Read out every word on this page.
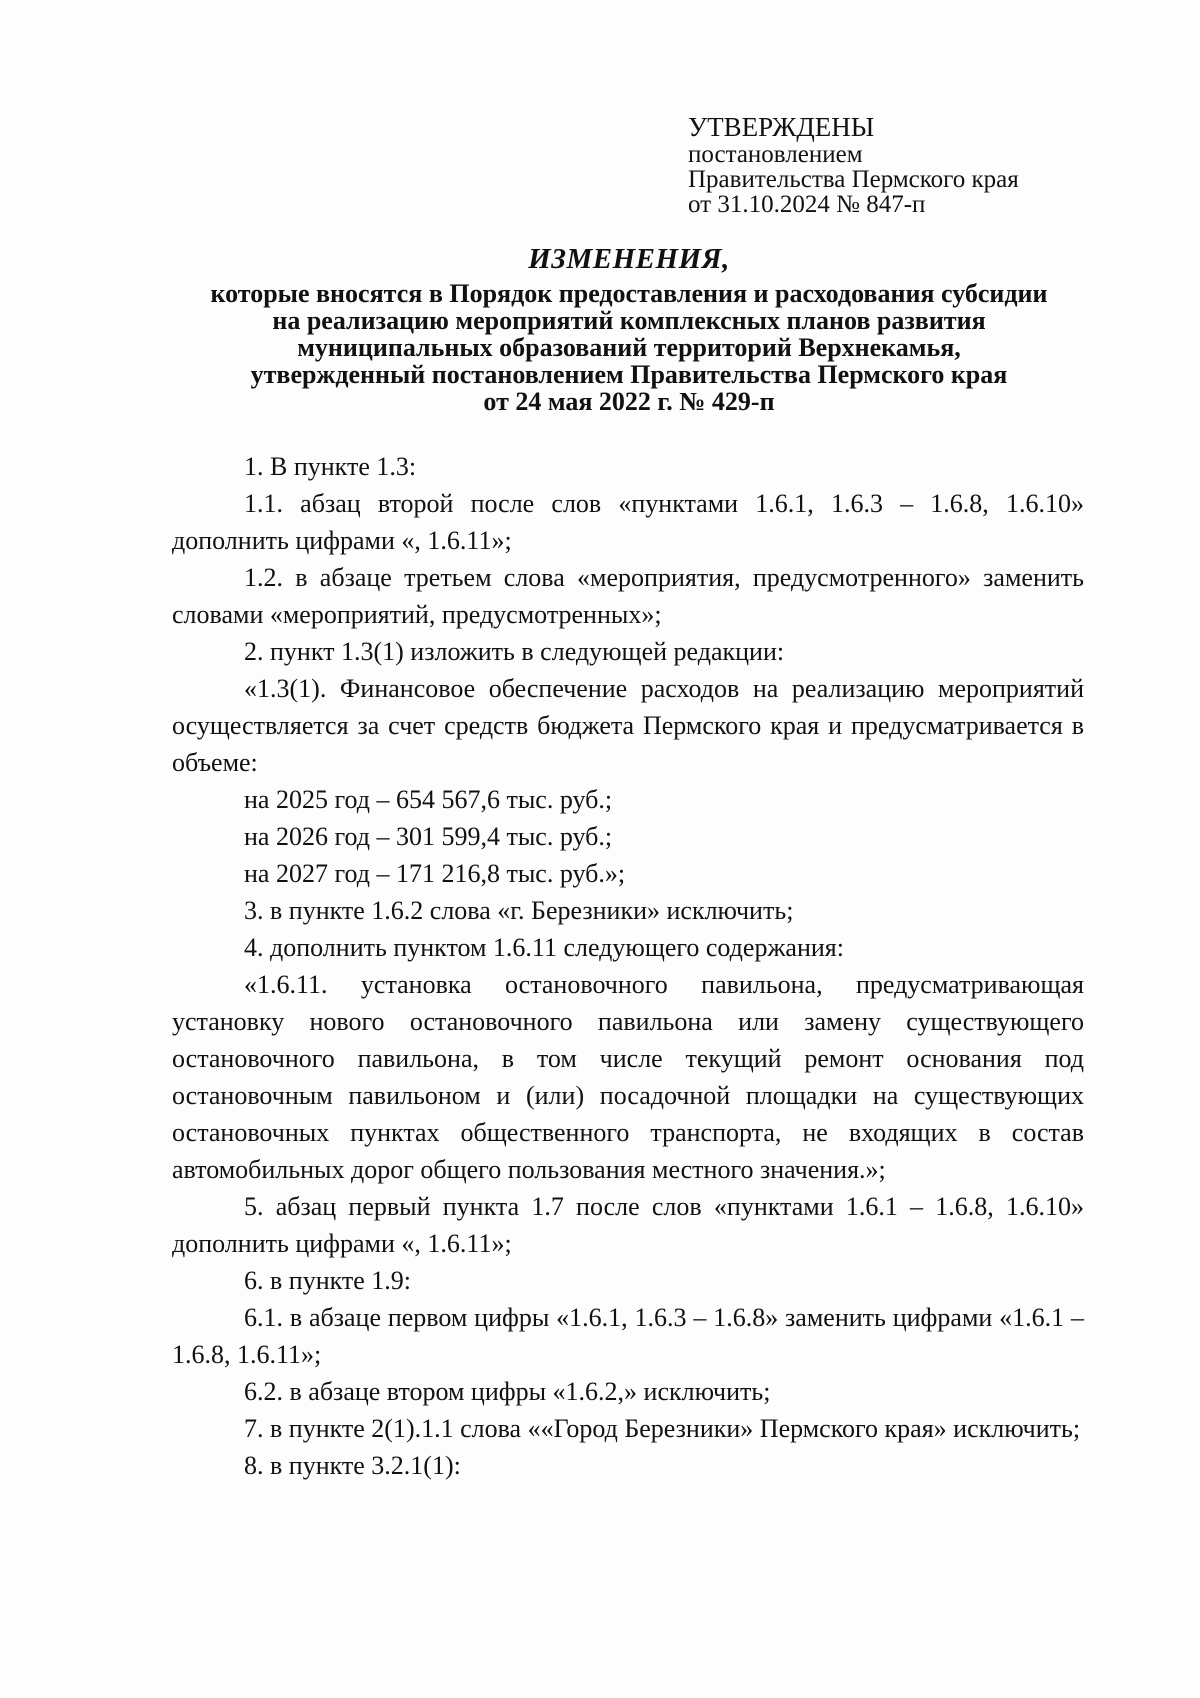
УТВЕРЖДЕНЫ
постановлением
Правительства Пермского края
от 31.10.2024 № 847-п
ИЗМЕНЕНИЯ,
которые вносятся в Порядок предоставления и расходования субсидии
на реализацию мероприятий комплексных планов развития
муниципальных образований территорий Верхнекамья,
утвержденный постановлением Правительства Пермского края
от 24 мая 2022 г. № 429-п

1. В пункте 1.3:

1.1. абзац второй после слов «пунктами 1.6.1, 1.6.3 – 1.6.8, 1.6.10» дополнить цифрами «, 1.6.11»;

1.2. в абзаце третьем слова «мероприятия, предусмотренного» заменить словами «мероприятий, предусмотренных»;

2. пункт 1.3(1) изложить в следующей редакции:

«1.3(1). Финансовое обеспечение расходов на реализацию мероприятий осуществляется за счет средств бюджета Пермского края и предусматривается в объеме:

на 2025 год – 654 567,6 тыс. руб.;

на 2026 год – 301 599,4 тыс. руб.;

на 2027 год – 171 216,8 тыс. руб.»;

3. в пункте 1.6.2 слова «г. Березники» исключить;

4. дополнить пунктом 1.6.11 следующего содержания:

«1.6.11. установка остановочного павильона, предусматривающая установку нового остановочного павильона или замену существующего остановочного павильона, в том числе текущий ремонт основания под остановочным павильоном и (или) посадочной площадки на существующих остановочных пунктах общественного транспорта, не входящих в состав автомобильных дорог общего пользования местного значения.»;

5. абзац первый пункта 1.7 после слов «пунктами 1.6.1 – 1.6.8, 1.6.10» дополнить цифрами «, 1.6.11»;

6. в пункте 1.9:

6.1. в абзаце первом цифры «1.6.1, 1.6.3 – 1.6.8» заменить цифрами «1.6.1 – 1.6.8, 1.6.11»;

6.2. в абзаце втором цифры «1.6.2,» исключить;

7. в пункте 2(1).1.1 слова ««Город Березники» Пермского края» исключить;

8. в пункте 3.2.1(1):
